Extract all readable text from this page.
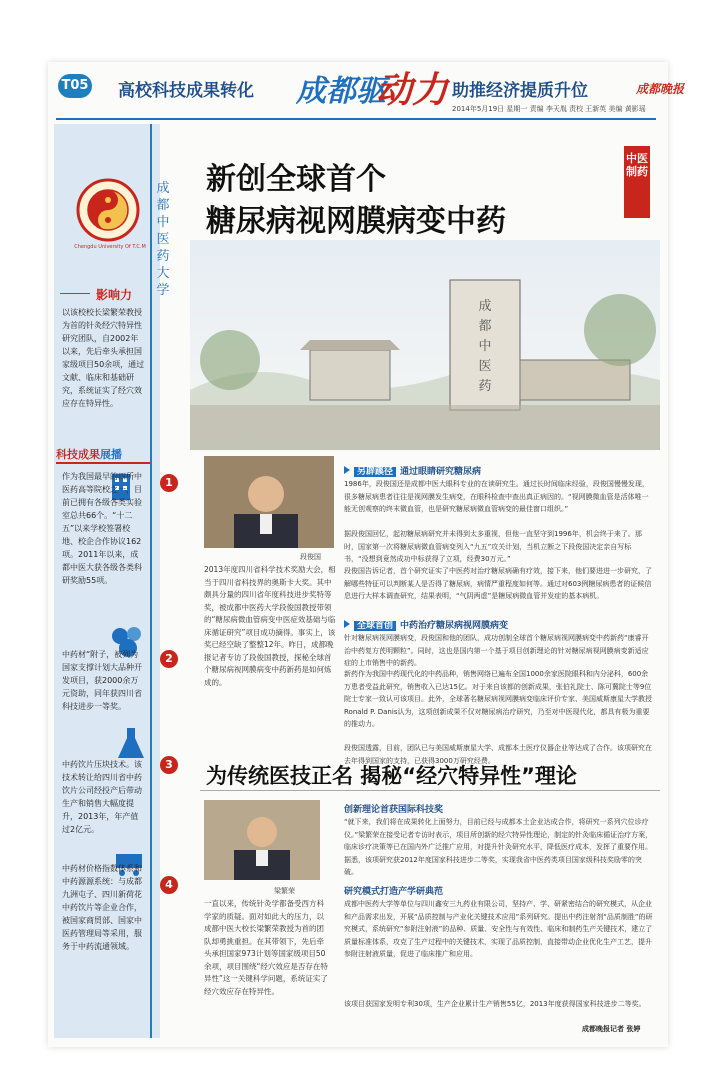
T05 高校科技成果转化 成都驱
动力 助推经济提质升位	成都晚报
2014年5月19日 星期一 责编 李天胤 责校 王新英 美编 黄影瑶
成都中医药大学
Chengdu University Of T.C.M
影响力
以该校校长梁繁荣教授为首的针灸经穴特异性研究团队，自2002年以来，先后牵头承担国家级项目50余项，通过文献、临床和基础研究，系统证实了经穴效应存在特异性。
科技成果展播
1
作为我国最早的四所中医药高等院校之一，目前已拥有各级各类实验室总共66个。“十二五”以来学校签署校地、校企合作协议162项。2011年以来，成都中医大获各级各类科研奖励55项。
2
中药材“附子，被列为国家支撑计划大品种开发项目，获2000余万元资助，同年获四川省科技进步一等奖。
3
中药饮片压块技术。该技术转让给四川省中药饮片公司经投产后带动生产和销售大幅度提升，2013年，年产值过2亿元。
4
中药材价格指数体系和中药源源系统：与成都九洲屯子、四川新荷花中药饮片等企业合作，被国家商贸部、国家中医药管理局等采用，服务于中药流通领域。
中医制药
新创全球首个
糖尿病视网膜病变中药
成
都
中
医
药
段俊国
2013年度四川省科学技术奖励大会，相当于四川省科技界的奥斯卡大奖。其中颇具分量的四川省年度科技进步奖特等奖，被成都中医药大学段俊国教授带领的“糖尿病微血管病变中医症效基础与临床循证研究”项目成功摘得。事实上，该奖已经空缺了整整12年。昨日，成都晚报记者专访了段俊国教授，探秘全球首个糖尿病视网膜病变中药新药是如何炼成的。
另辟蹊径 通过眼睛研究糖尿病
1986年，段俊国还是成都中医大眼科专业的在读研究生。通过长时间临床经验，段俊国慢慢发现，很多糖尿病患者往往是视网膜发生病变，在眼科检查中查出真正病因的。“视网膜微血管是活体唯一能无创观察的终末微血管，也是研究糖尿病微血管病变的最佳窗口组织。”
据段俊国回忆，起初糖尿病研究并未得到太多重视，但他一直坚守到1996年，机会终于来了。那时，国家第一次将糖尿病微血管病变列入“九五”攻关计划，当机立断之下段俊国决定亲自写标书，“没想到竟然成功中标获得了立项，经费30万元。”
段俊国告诉记者，首个研究证实了中医药对治疗糖尿病确有疗效，接下来，他们要进进一步研究，了解哪些特征可以判断某人是否得了糖尿病，病情严重程度如何等。通过对603例糖尿病患者的证候信息进行大样本调查研究，结果表明，“气阴两虚”是糖尿病微血管并发症的基本病机。
全球首创 中药治疗糖尿病视网膜病变
针对糖尿病视网膜病变，段俊国和他的团队，成功创制全球首个糖尿病视网膜病变中药新药“康睿开治中药复方芪明颗粒”。同时，这也是国内第一个基于项目创新理论的针对糖尿病视网膜病变新适应症的上市销售中的新药。
新药作为我国中药现代化的中药品种，销售网络已遍布全国1000余家医院眼科和内分泌科，600余万患者受益此研究，销售收入已达15亿。对于来自该都的创新成果，张伯礼院士、陈可冀院士等9位院士专家一致认可该项目。此外，全球著名糖尿病视网膜病变临床评价专家、美国威斯康星大学教授Ronald P. Danis认为，这项创新成果不仅对糖尿病治疗研究，乃至对中医现代化，都具有极为重要的推动力。
段俊国透露，目前，团队已与美国威斯康星大学、成都本土医疗仪器企业等达成了合作。该项研究在去年得到国家的支持，已获得3000万研究经费。
为传统医技正名 揭秘“经穴特异性”理论
梁繁荣
一直以来，传统针灸学都备受西方科学家的质疑。面对如此大的压力，以成都中医大校长梁繁荣教授为首的团队却勇挑重担。在其带领下，先后牵头承担国家973计划等国家级项目50余项，项目围绕“经穴效应是否存在特异性”这一关键科学问题，系统证实了经穴效应存在特异性。
创新理论首获国际科技奖
“就下来，我们将在成果转化上面努力，目前已经与成都本土企业达成合作，将研究一系列穴位诊疗仪。”梁繁荣在接受记者专访时表示，项目所创新的经穴特异性理论，制定的针灸临床循证治疗方案，临床诊疗决策等已在国内外广泛推广应用，对提升针灸研究水平，降低医疗成本，发挥了重要作用。据悉，该项研究获2012年度国家科技进步二等奖，实现我省中医药类项目国家级科技奖励零的突破。
研究模式打造产学研典范
成都中医药大学等单位与四川鑫安三九药业有限公司，坚持产、学、研紧密结合的研究模式，从企业和产品需求出发，开展“品质控制与产业化关键技术应用”系列研究。提出中药注射剂“品质制胜”的研究模式，系统研究“参附注射液”的品种、质量、安全性与有效性、临床和制药生产关键技术，建立了质量标准体系，攻克了生产过程中的关键技术，实现了品质控制，直接带动企业优化生产工艺，提升参附注射液质量，促进了临床推广和应用。
该项目获国家发明专利30项，生产企业累计生产销售55亿，2013年度获得国家科技进步二等奖。
成都晚报记者 张婷
